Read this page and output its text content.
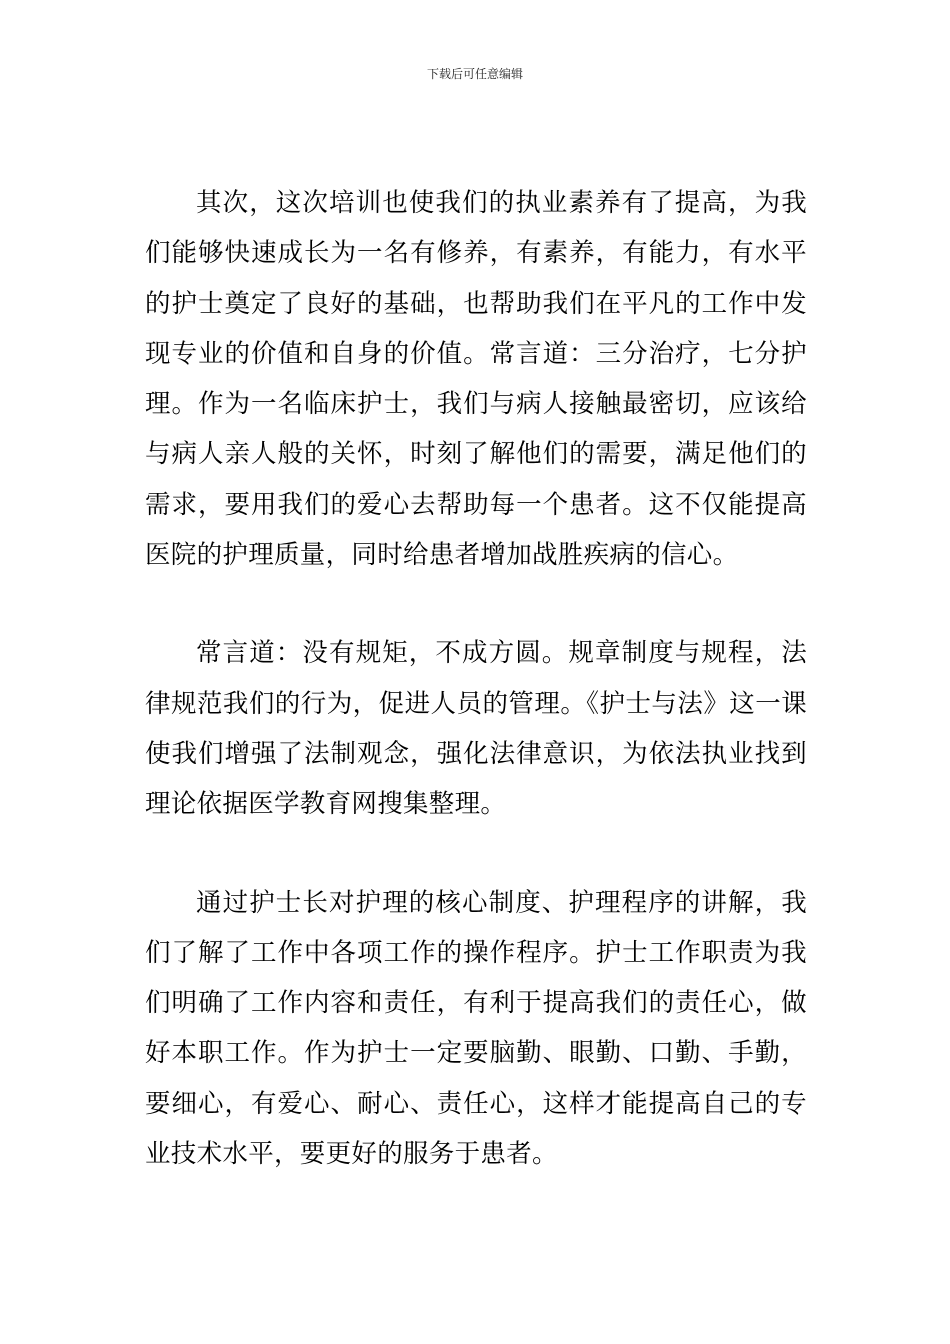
下载后可任意编辑

其次，这次培训也使我们的执业素养有了提高，为我们能够快速成长为一名有修养，有素养，有能力，有水平的护士奠定了良好的基础，也帮助我们在平凡的工作中发现专业的价值和自身的价值。常言道：三分治疗，七分护理。作为一名临床护士，我们与病人接触最密切，应该给与病人亲人般的关怀，时刻了解他们的需要，满足他们的需求，要用我们的爱心去帮助每一个患者。这不仅能提高医院的护理质量，同时给患者增加战胜疾病的信心。

常言道：没有规矩，不成方圆。规章制度与规程，法律规范我们的行为，促进人员的管理。《护士与法》这一课使我们增强了法制观念，强化法律意识，为依法执业找到理论依据医学教育网搜集整理。

通过护士长对护理的核心制度、护理程序的讲解，我们了解了工作中各项工作的操作程序。护士工作职责为我们明确了工作内容和责任，有利于提高我们的责任心，做好本职工作。作为护士一定要脑勤、眼勤、口勤、手勤，要细心，有爱心、耐心、责任心，这样才能提高自己的专业技术水平，要更好的服务于患者。
